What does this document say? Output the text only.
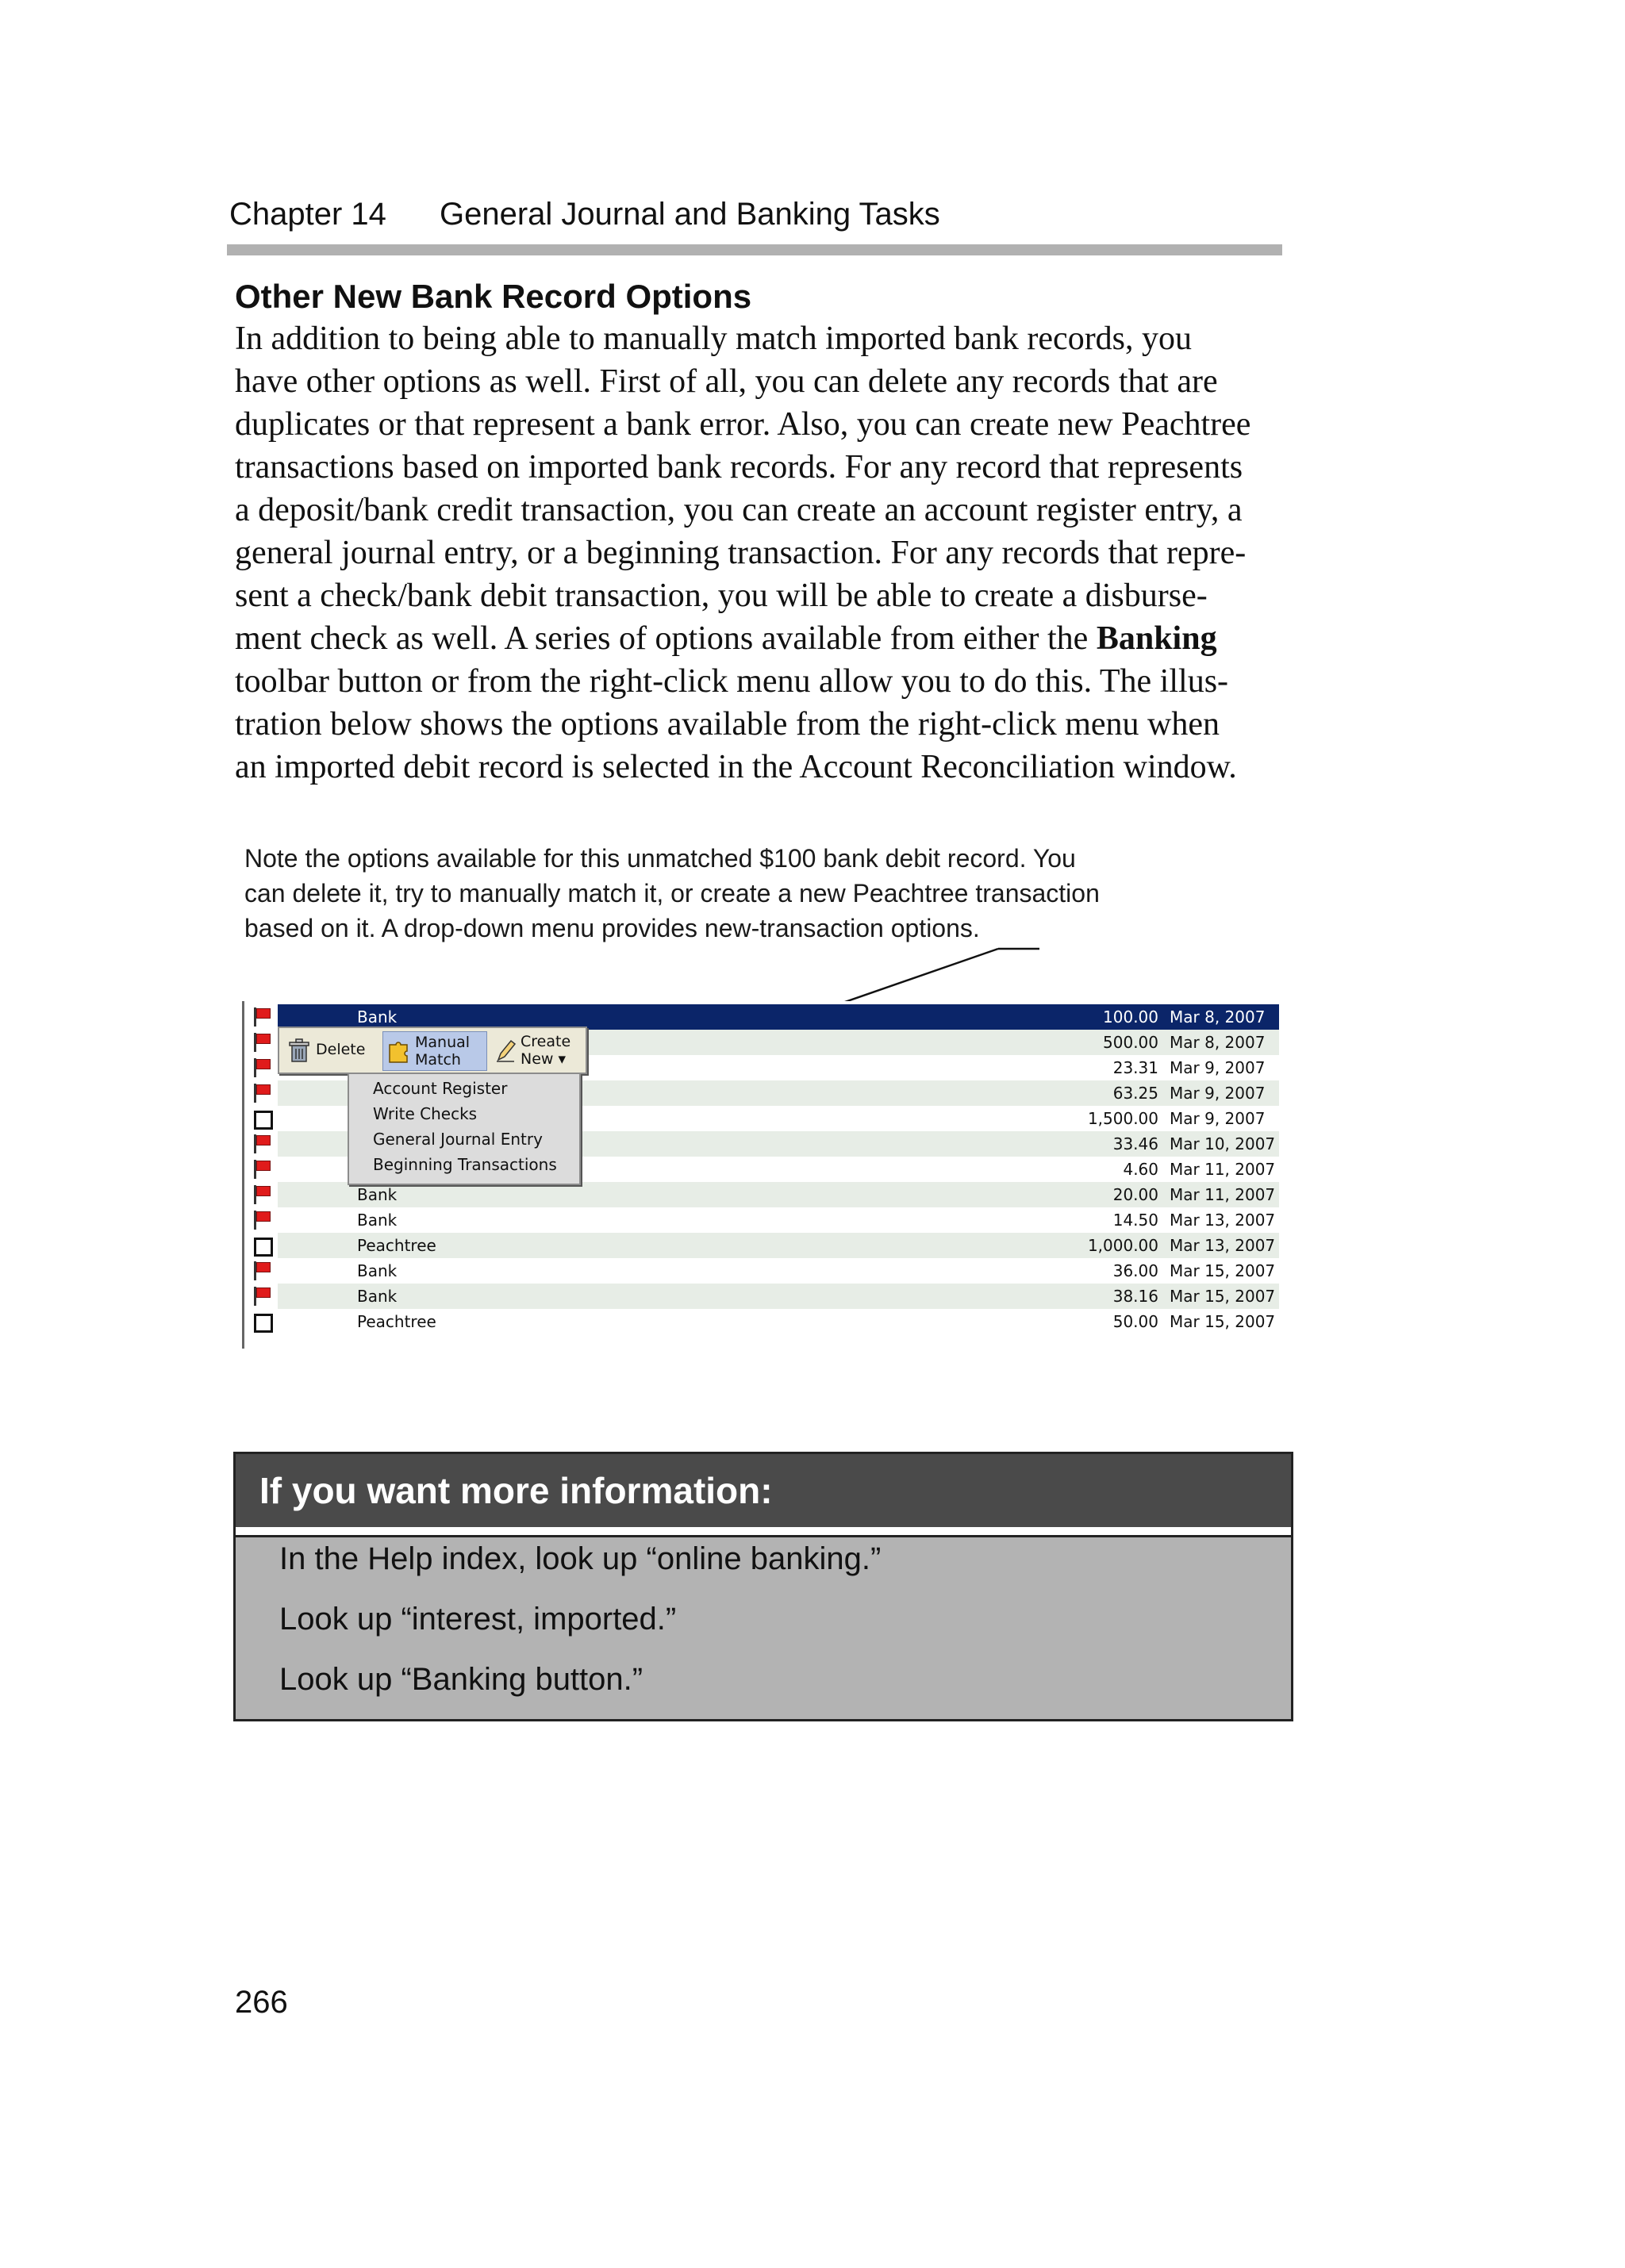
Chapter 14 General Journal and Banking Tasks
Other New Bank Record Options

In addition to being able to manually match imported bank records, you

have other options as well. First of all, you can delete any records that are

duplicates or that represent a bank error. Also, you can create new Peachtree

transactions based on imported bank records. For any record that represents

a deposit/bank credit transaction, you can create an account register entry, a

general journal entry, or a beginning transaction. For any records that repre-

sent a check/bank debit transaction, you will be able to create a disburse-

ment check as well. A series of options available from either the Banking

toolbar button or from the right-click menu allow you to do this. The illus-

tration below shows the options available from the right-click menu when

an imported debit record is selected in the Account Reconciliation window.

Note the options available for this unmatched $100 bank debit record. You

can delete it, try to manually match it, or create a new Peachtree transaction

based on it. A drop-down menu provides new-transaction options.

Bank	100.00 Mar 8, 2007
500.00 Mar 8, 2007
23.31 Mar 9, 2007
63.25 Mar 9, 2007
1,500.00 Mar 9, 2007
33.46 Mar 10, 2007
4.60 Mar 11, 2007
Bank	20.00 Mar 11, 2007
Bank	14.50 Mar 13, 2007
Peachtree	1,000.00 Mar 13, 2007
Bank	36.00 Mar 15, 2007
Bank	38.16 Mar 15, 2007
Peachtree	50.00 Mar 15, 2007
Delete	Manual
Match
Create
New ▾
Account Register
Write Checks
General Journal Entry
Beginning Transactions
If you want more information:
In the Help index, look up “online banking.”
Look up “interest, imported.”
Look up “Banking button.”
266
